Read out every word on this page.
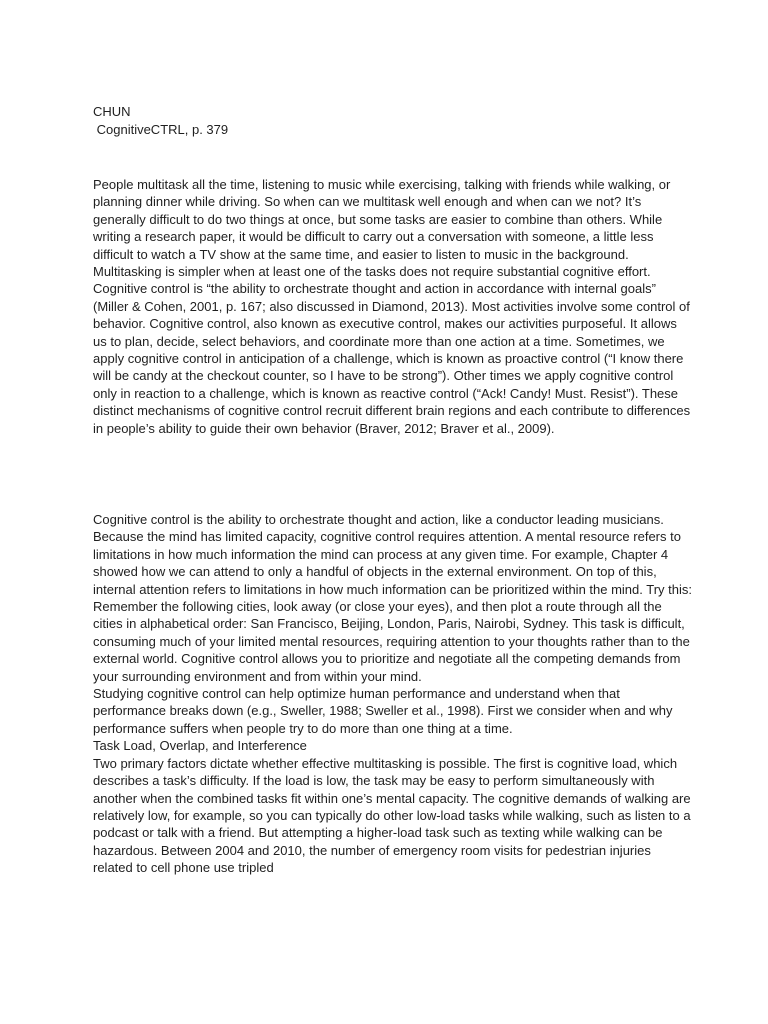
CHUN
CognitiveCTRL, p. 379

People multitask all the time, listening to music while exercising, talking with friends while walking, or planning dinner while driving. So when can we multitask well enough and when can we not? It’s generally difficult to do two things at once, but some tasks are easier to combine than others. While writing a research paper, it would be difficult to carry out a conversation with someone, a little less difficult to watch a TV show at the same time, and easier to listen to music in the background. Multitasking is simpler when at least one of the tasks does not require substantial cognitive effort.

Cognitive control is “the ability to orchestrate thought and action in accordance with internal goals” (Miller & Cohen, 2001, p. 167; also discussed in Diamond, 2013). Most activities involve some control of behavior. Cognitive control, also known as executive control, makes our activities purposeful. It allows us to plan, decide, select behaviors, and coordinate more than one action at a time. Sometimes, we apply cognitive control in anticipation of a challenge, which is known as proactive control (“I know there will be candy at the checkout counter, so I have to be strong”). Other times we apply cognitive control only in reaction to a challenge, which is known as reactive control (“Ack! Candy! Must. Resist”). These distinct mechanisms of cognitive control recruit different brain regions and each contribute to differences in people’s ability to guide their own behavior (Braver, 2012; Braver et al., 2009).

Cognitive control is the ability to orchestrate thought and action, like a conductor leading musicians.

Because the mind has limited capacity, cognitive control requires attention. A mental resource refers to limitations in how much information the mind can process at any given time. For example, Chapter 4 showed how we can attend to only a handful of objects in the external environment. On top of this, internal attention refers to limitations in how much information can be prioritized within the mind. Try this: Remember the following cities, look away (or close your eyes), and then plot a route through all the cities in alphabetical order: San Francisco, Beijing, London, Paris, Nairobi, Sydney. This task is difficult, consuming much of your limited mental resources, requiring attention to your thoughts rather than to the external world. Cognitive control allows you to prioritize and negotiate all the competing demands from your surrounding environment and from within your mind.

Studying cognitive control can help optimize human performance and understand when that performance breaks down (e.g., Sweller, 1988; Sweller et al., 1998). First we consider when and why performance suffers when people try to do more than one thing at a time.

Task Load, Overlap, and Interference

Two primary factors dictate whether effective multitasking is possible. The first is cognitive load, which describes a task’s difficulty. If the load is low, the task may be easy to perform simultaneously with another when the combined tasks fit within one’s mental capacity. The cognitive demands of walking are relatively low, for example, so you can typically do other low-load tasks while walking, such as listen to a podcast or talk with a friend. But attempting a higher-load task such as texting while walking can be hazardous. Between 2004 and 2010, the number of emergency room visits for pedestrian injuries related to cell phone use tripled
